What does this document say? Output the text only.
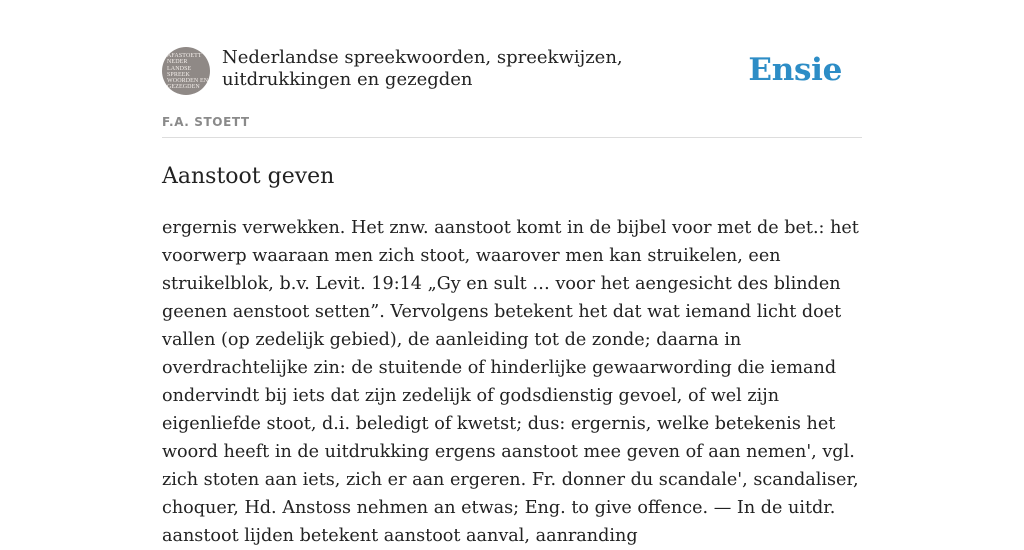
AFASTOETT
NEDER
LANDSE
SPREEK
WOORDEN EN
GEZEGDEN
Nederlandse spreekwoorden, spreekwijzen, uitdrukkingen en gezegden	Ensie
F.A. STOETT
Aanstoot geven

ergernis verwekken. Het znw. aanstoot komt in de bijbel voor met de bet.: het voorwerp waaraan men zich stoot, waarover men kan struikelen, een struikelblok, b.v. Levit. 19:14 „Gy en sult … voor het aengesicht des blinden geenen aenstoot setten”. Vervolgens betekent het dat wat iemand licht doet vallen (op zedelijk gebied), de aanleiding tot de zonde; daarna in overdrachtelijke zin: de stuitende of hinderlijke gewaarwording die iemand ondervindt bij iets dat zijn zedelijk of godsdienstig gevoel, of wel zijn eigenliefde stoot, d.i. beledigt of kwetst; dus: ergernis, welke betekenis het woord heeft in de uitdrukking ergens aanstoot mee geven of aan nemen', vgl. zich stoten aan iets, zich er aan ergeren. Fr. donner du scandale', scandaliser, choquer, Hd. Anstoss nehmen an etwas; Eng. to give offence. — In de uitdr. aanstoot lijden betekent aanstoot aanval, aanranding
